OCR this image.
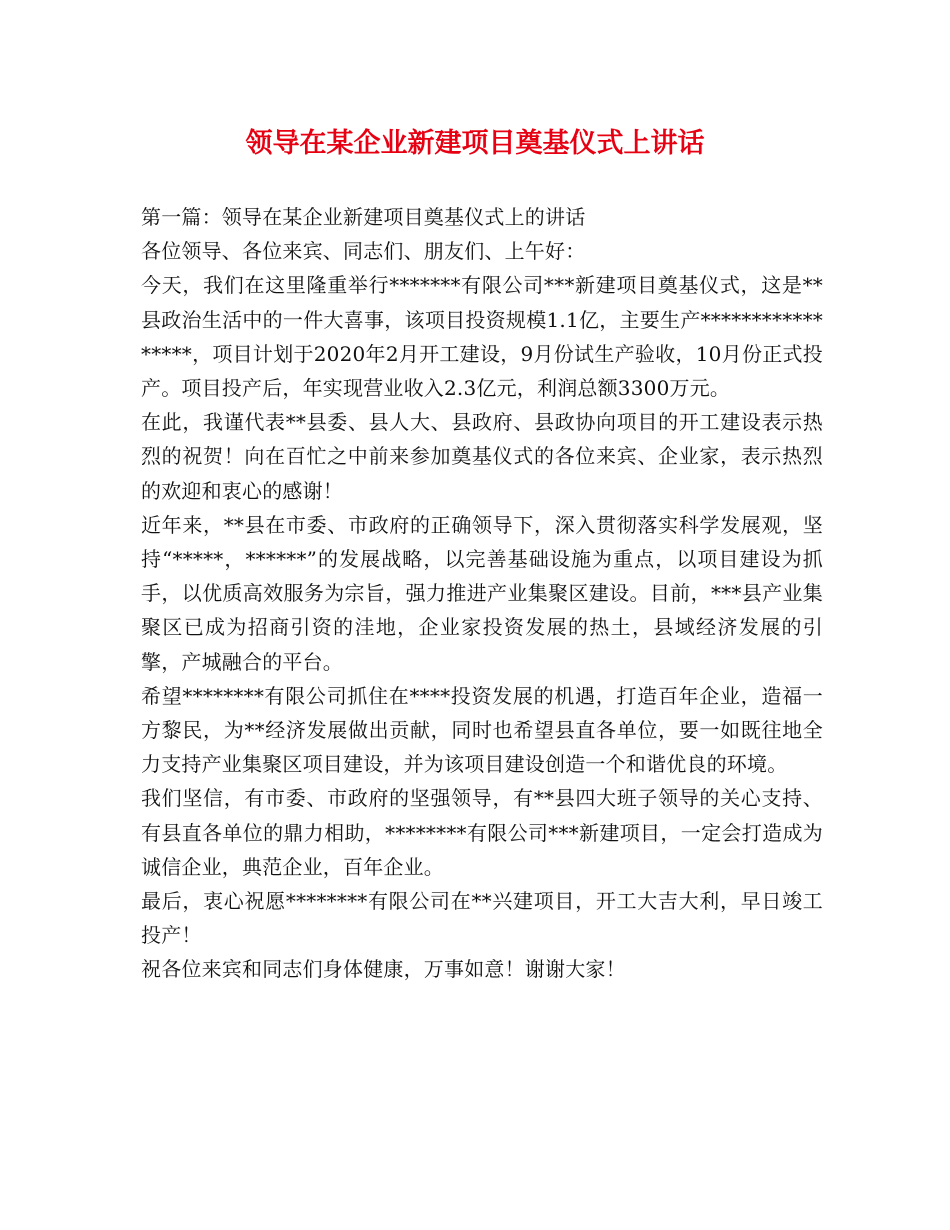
领导在某企业新建项目奠基仪式上讲话

第一篇：领导在某企业新建项目奠基仪式上的讲话

各位领导、各位来宾、同志们、朋友们、上午好：

今天，我们在这里隆重举行*******有限公司***新建项目奠基仪式，这是**县政治生活中的一件大喜事，该项目投资规模1.1亿，主要生产*****************，项目计划于2020年2月开工建设，9月份试生产验收，10月份正式投产。项目投产后，年实现营业收入2.3亿元，利润总额3300万元。

在此，我谨代表**县委、县人大、县政府、县政协向项目的开工建设表示热烈的祝贺！向在百忙之中前来参加奠基仪式的各位来宾、企业家，表示热烈的欢迎和衷心的感谢！

近年来，**县在市委、市政府的正确领导下，深入贯彻落实科学发展观，坚持“*****，******”的发展战略，以完善基础设施为重点，以项目建设为抓手，以优质高效服务为宗旨，强力推进产业集聚区建设。目前，***县产业集聚区已成为招商引资的洼地，企业家投资发展的热土，县域经济发展的引擎，产城融合的平台。

希望********有限公司抓住在****投资发展的机遇，打造百年企业，造福一方黎民，为**经济发展做出贡献，同时也希望县直各单位，要一如既往地全力支持产业集聚区项目建设，并为该项目建设创造一个和谐优良的环境。

我们坚信，有市委、市政府的坚强领导，有**县四大班子领导的关心支持、有县直各单位的鼎力相助，********有限公司***新建项目，一定会打造成为诚信企业，典范企业，百年企业。

最后，衷心祝愿********有限公司在**兴建项目，开工大吉大利，早日竣工投产！

祝各位来宾和同志们身体健康，万事如意！谢谢大家！
